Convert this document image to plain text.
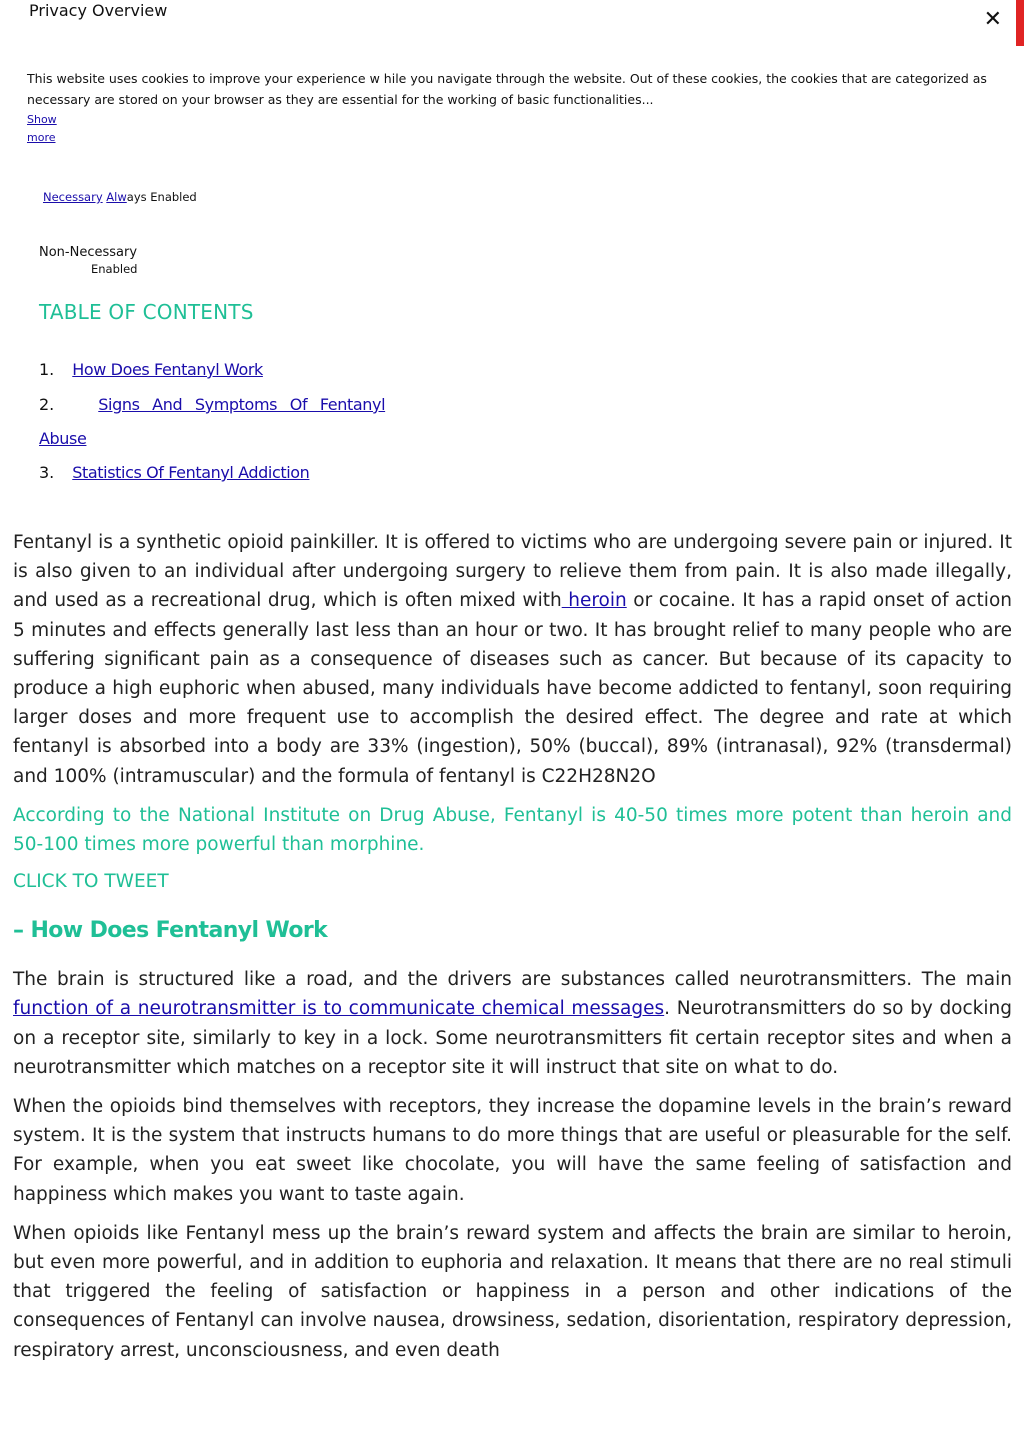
Privacy Overview	✕
This website uses cookies to improve your experience w hile you navigate through the website. Out of these cookies, the cookies that are categorized as necessary are stored on your browser as they are essential for the working of basic functionalities...
Show more
Necessary Always Enabled
Non-Necessary
Enabled
TABLE OF CONTENTS
1. How Does Fentanyl Work
2.	Signs And Symptoms Of Fentanyl
Abuse
3. Statistics Of Fentanyl Addiction

Fentanyl is a synthetic opioid painkiller. It is offered to victims who are undergoing severe pain or injured. It is also given to an individual after undergoing surgery to relieve them from pain. It is also made illegally, and used as a recreational drug, which is often mixed with heroin or cocaine. It has a rapid onset of action 5 minutes and effects generally last less than an hour or two. It has brought relief to many people who are suffering significant pain as a consequence of diseases such as cancer. But because of its capacity to produce a high euphoric when abused, many individuals have become addicted to fentanyl, soon requiring larger doses and more frequent use to accomplish the desired effect. The degree and rate at which fentanyl is absorbed into a body are 33% (ingestion), 50% (buccal), 89% (intranasal), 92% (transdermal) and 100% (intramuscular) and the formula of fentanyl is C22H28N2O

According to the National Institute on Drug Abuse, Fentanyl is 40-50 times more potent than heroin and 50-100 times more powerful than morphine.

CLICK TO TWEET
– How Does Fentanyl Work

The brain is structured like a road, and the drivers are substances called neurotransmitters. The main function of a neurotransmitter is to communicate chemical messages. Neurotransmitters do so by docking on a receptor site, similarly to key in a lock. Some neurotransmitters fit certain receptor sites and when a neurotransmitter which matches on a receptor site it will instruct that site on what to do.

When the opioids bind themselves with receptors, they increase the dopamine levels in the brain’s reward system. It is the system that instructs humans to do more things that are useful or pleasurable for the self. For example, when you eat sweet like chocolate, you will have the same feeling of satisfaction and happiness which makes you want to taste again.

When opioids like Fentanyl mess up the brain’s reward system and affects the brain are similar to heroin, but even more powerful, and in addition to euphoria and relaxation. It means that there are no real stimuli that triggered the feeling of satisfaction or happiness in a person and other indications of the consequences of Fentanyl can involve nausea, drowsiness, sedation, disorientation, respiratory depression, respiratory arrest, unconsciousness, and even death
